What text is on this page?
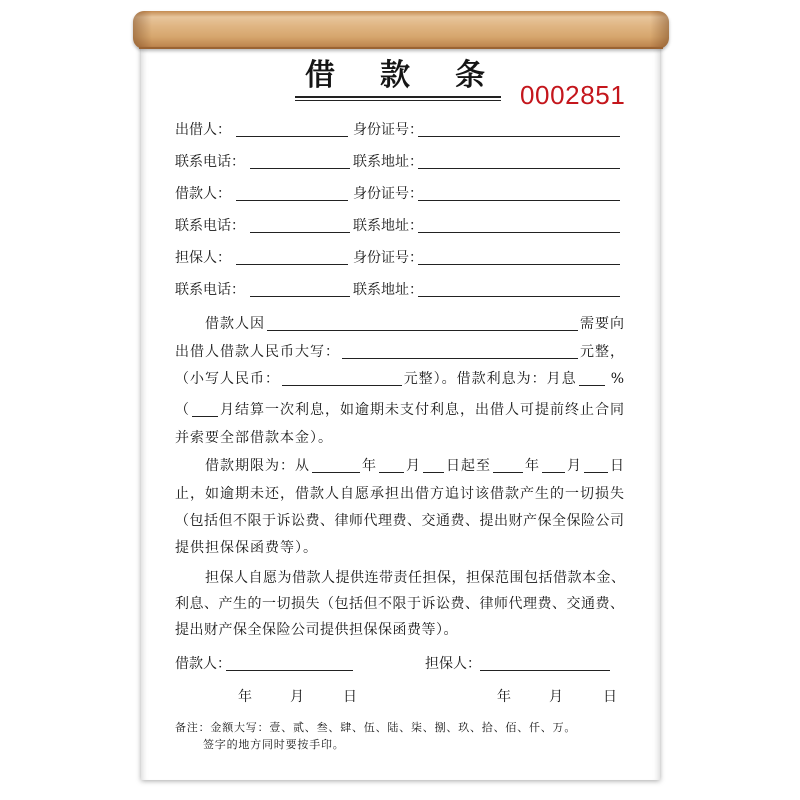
借款条
0002851
出借人：	身份证号：
联系电话：	联系地址：
借款人：	身份证号：
联系电话：	联系地址：
担保人：	身份证号：
联系电话：	联系地址：
借款人因	需要向
出借人借款人民币大写：	元整，
（小写人民币：	元整）。借款利息为：月息 %
（ 月结算一次利息，如逾期未支付利息，出借人可提前终止合同
并索要全部借款本金）。
借款期限为：从	年 月 日起至 年 月 日
止，如逾期未还，借款人自愿承担出借方追讨该借款产生的一切损失
（包括但不限于诉讼费、律师代理费、交通费、提出财产保全保险公司
提供担保保函费等）。
担保人自愿为借款人提供连带责任担保，担保范围包括借款本金、
利息、产生的一切损失（包括但不限于诉讼费、律师代理费、交通费、
提出财产保全保险公司提供担保保函费等）。
借款人：	担保人：
年	月	日	年	月	日
备注：金额大写：壹、贰、叁、肆、伍、陆、柒、捌、玖、拾、佰、仟、万。
签字的地方同时要按手印。
